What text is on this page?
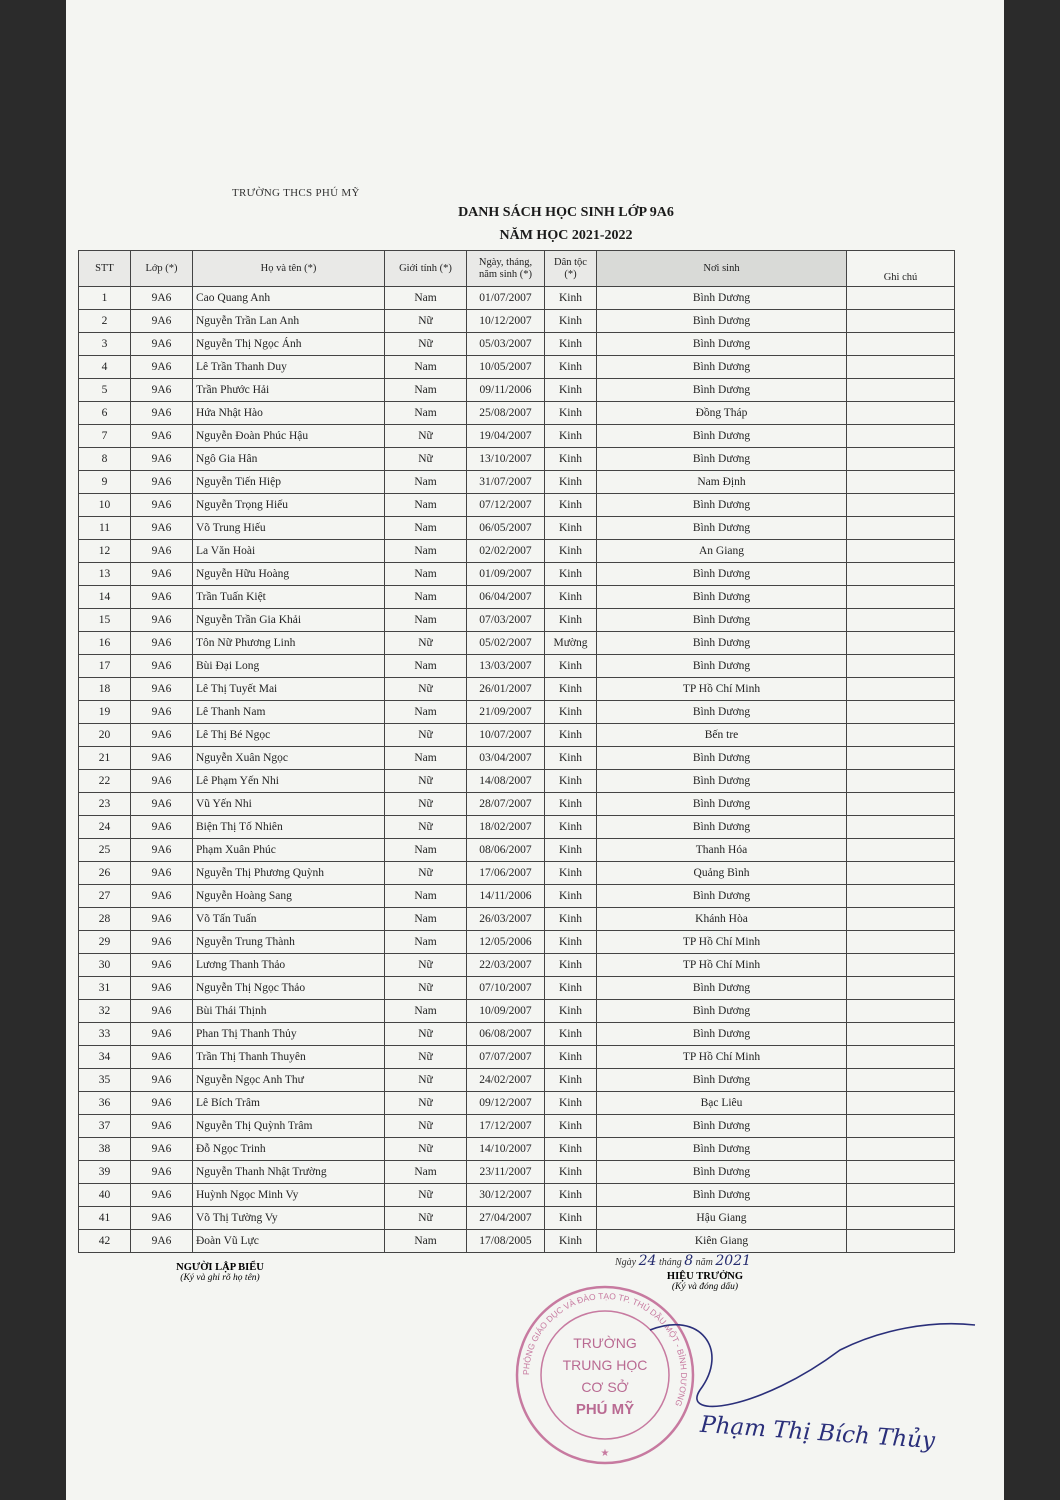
TRƯỜNG THCS PHÚ MỸ
DANH SÁCH HỌC SINH LỚP 9A6
NĂM HỌC 2021-2022
STT	Lớp (*)	Họ và tên (*)	Giới tính (*)	Ngày, tháng, năm sinh (*)	Dân tộc (*)	Nơi sinh	Ghi chú
1	9A6	Cao Quang Anh	Nam	01/07/2007	Kinh	Bình Dương	
2	9A6	Nguyễn Trần Lan Anh	Nữ	10/12/2007	Kinh	Bình Dương	
3	9A6	Nguyễn Thị Ngọc Ánh	Nữ	05/03/2007	Kinh	Bình Dương	
4	9A6	Lê Trần Thanh Duy	Nam	10/05/2007	Kinh	Bình Dương	
5	9A6	Trần Phước Hải	Nam	09/11/2006	Kinh	Bình Dương	
6	9A6	Hứa Nhật Hào	Nam	25/08/2007	Kinh	Đồng Tháp	
7	9A6	Nguyễn Đoàn Phúc Hậu	Nữ	19/04/2007	Kinh	Bình Dương	
8	9A6	Ngô Gia Hân	Nữ	13/10/2007	Kinh	Bình Dương	
9	9A6	Nguyễn Tiến Hiệp	Nam	31/07/2007	Kinh	Nam Định	
10	9A6	Nguyễn Trọng Hiếu	Nam	07/12/2007	Kinh	Bình Dương	
11	9A6	Võ Trung Hiếu	Nam	06/05/2007	Kinh	Bình Dương	
12	9A6	La Văn Hoài	Nam	02/02/2007	Kinh	An Giang	
13	9A6	Nguyễn Hữu Hoàng	Nam	01/09/2007	Kinh	Bình Dương	
14	9A6	Trần Tuấn Kiệt	Nam	06/04/2007	Kinh	Bình Dương	
15	9A6	Nguyễn Trần Gia Khải	Nam	07/03/2007	Kinh	Bình Dương	
16	9A6	Tôn Nữ Phương Linh	Nữ	05/02/2007	Mường	Bình Dương	
17	9A6	Bùi Đại Long	Nam	13/03/2007	Kinh	Bình Dương	
18	9A6	Lê Thị Tuyết Mai	Nữ	26/01/2007	Kinh	TP Hồ Chí Minh	
19	9A6	Lê Thanh Nam	Nam	21/09/2007	Kinh	Bình Dương	
20	9A6	Lê Thị Bé Ngọc	Nữ	10/07/2007	Kinh	Bến tre	
21	9A6	Nguyễn Xuân Ngọc	Nam	03/04/2007	Kinh	Bình Dương	
22	9A6	Lê Phạm Yến Nhi	Nữ	14/08/2007	Kinh	Bình Dương	
23	9A6	Vũ Yến Nhi	Nữ	28/07/2007	Kinh	Bình Dương	
24	9A6	Biện Thị Tố Nhiên	Nữ	18/02/2007	Kinh	Bình Dương	
25	9A6	Phạm Xuân Phúc	Nam	08/06/2007	Kinh	Thanh Hóa	
26	9A6	Nguyễn Thị Phương Quỳnh	Nữ	17/06/2007	Kinh	Quảng Bình	
27	9A6	Nguyễn Hoàng Sang	Nam	14/11/2006	Kinh	Bình Dương	
28	9A6	Võ Tấn Tuấn	Nam	26/03/2007	Kinh	Khánh Hòa	
29	9A6	Nguyễn Trung Thành	Nam	12/05/2006	Kinh	TP Hồ Chí Minh	
30	9A6	Lương Thanh Thảo	Nữ	22/03/2007	Kinh	TP Hồ Chí Minh	
31	9A6	Nguyễn Thị Ngọc Thảo	Nữ	07/10/2007	Kinh	Bình Dương	
32	9A6	Bùi Thái Thịnh	Nam	10/09/2007	Kinh	Bình Dương	
33	9A6	Phan Thị Thanh Thủy	Nữ	06/08/2007	Kinh	Bình Dương	
34	9A6	Trần Thị Thanh Thuyên	Nữ	07/07/2007	Kinh	TP Hồ Chí Minh	
35	9A6	Nguyễn Ngọc Anh Thư	Nữ	24/02/2007	Kinh	Bình Dương	
36	9A6	Lê Bích Trâm	Nữ	09/12/2007	Kinh	Bạc Liêu	
37	9A6	Nguyễn Thị Quỳnh Trâm	Nữ	17/12/2007	Kinh	Bình Dương	
38	9A6	Đỗ Ngọc Trinh	Nữ	14/10/2007	Kinh	Bình Dương	
39	9A6	Nguyễn Thanh Nhật Trường	Nam	23/11/2007	Kinh	Bình Dương	
40	9A6	Huỳnh Ngọc Minh Vy	Nữ	30/12/2007	Kinh	Bình Dương	
41	9A6	Võ Thị Tường Vy	Nữ	27/04/2007	Kinh	Hậu Giang	
42	9A6	Đoàn Vũ Lực	Nam	17/08/2005	Kinh	Kiên Giang	
NGƯỜI LẬP BIỂU
(Ký và ghi rõ họ tên)
Ngày 24 tháng 8 năm 2021
HIỆU TRƯỞNG
(Ký và đóng dấu)
PHÒNG GIÁO DỤC VÀ ĐÀO TẠO TP. THỦ DẦU MỘT - BÌNH DƯƠNG
TRƯỜNG
TRUNG HỌC
CƠ SỞ
PHÚ MỸ
★	Phạm Thị Bích Thủy
